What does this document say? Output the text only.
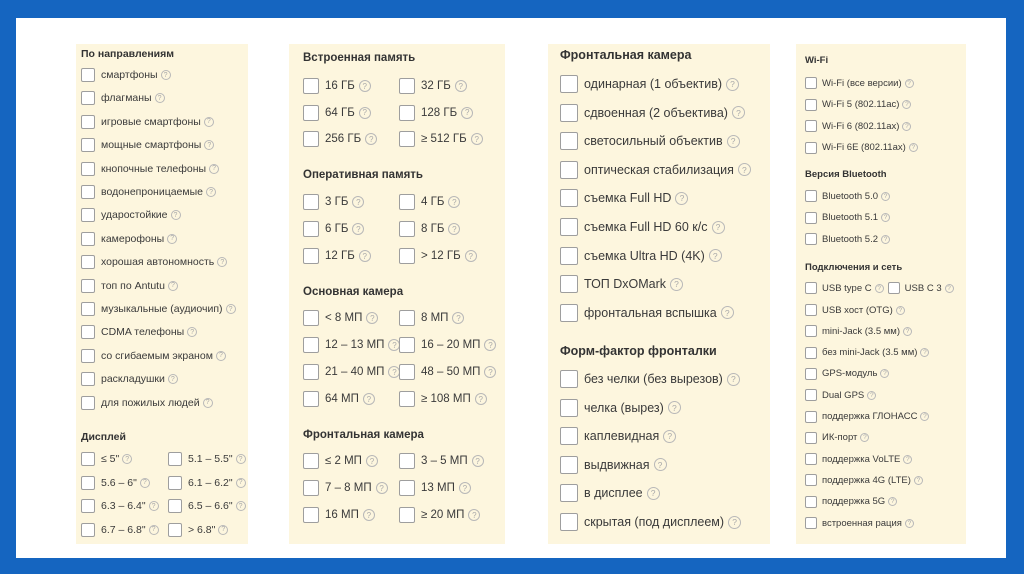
По направлениям
смартфоны ?
флагманы ?
игровые смартфоны ?
мощные смартфоны ?
кнопочные телефоны ?
водонепроницаемые ?
ударостойкие ?
камерофоны ?
хорошая автономность ?
топ по Antutu ?
музыкальные (аудиочип) ?
CDMA телефоны ?
со сгибаемым экраном ?
раскладушки ?
для пожилых людей ?
Дисплей
≤ 5" ?	5.1 – 5.5" ?
5.6 – 6" ?	6.1 – 6.2" ?
6.3 – 6.4" ?	6.5 – 6.6" ?
6.7 – 6.8" ?	> 6.8" ?
Встроенная память
Оперативная память
Основная камера
Фронтальная камера
16 ГБ ?	32 ГБ ?
64 ГБ ?	128 ГБ ?
256 ГБ ?	≥ 512 ГБ ?
3 ГБ ?	4 ГБ ?
6 ГБ ?	8 ГБ ?
12 ГБ ?	> 12 ГБ ?
< 8 МП ?	8 МП ?
12 – 13 МП ?	16 – 20 МП ?
21 – 40 МП ?	48 – 50 МП ?
64 МП ?	≥ 108 МП ?
≤ 2 МП ?	3 – 5 МП ?
7 – 8 МП ?	13 МП ?
16 МП ?	≥ 20 МП ?
Фронтальная камера
Форм-фактор фронталки
одинарная (1 объектив) ?
сдвоенная (2 объектива) ?
светосильный объектив ?
оптическая стабилизация ?
съемка Full HD ?
съемка Full HD 60 к/с ?
съемка Ultra HD (4K) ?
ТОП DxOMark ?
фронтальная вспышка ?
без челки (без вырезов) ?
челка (вырез) ?
каплевидная ?
выдвижная ?
в дисплее ?
скрытая (под дисплеем) ?
Wi-Fi
Версия Bluetooth
Подключения и сеть
USB type C ? USB C 3 ?
Wi-Fi (все версии) ?
Wi-Fi 5 (802.11ac) ?
Wi-Fi 6 (802.11ax) ?
Wi-Fi 6E (802.11ax) ?
Bluetooth 5.0 ?
Bluetooth 5.1 ?
Bluetooth 5.2 ?
USB хост (OTG) ?
mini-Jack (3.5 мм) ?
без mini-Jack (3.5 мм) ?
GPS-модуль ?
Dual GPS ?
поддержка ГЛОНАСС ?
ИК-порт ?
поддержка VoLTE ?
поддержка 4G (LTE) ?
поддержка 5G ?
встроенная рация ?
